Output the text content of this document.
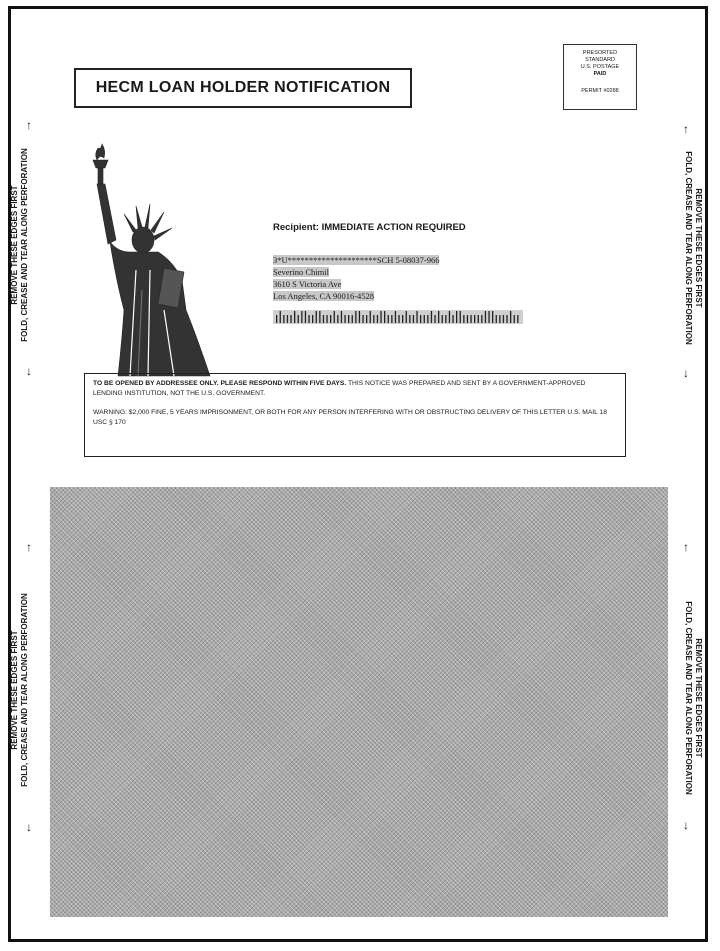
HECM LOAN HOLDER NOTIFICATION
PRESORTED
STANDARD
U.S. POSTAGE
PAID
PERMIT #0288
REMOVE THESE EDGES FIRST FOLD, CREASE AND TEAR ALONG PERFORATION
↑
↓
REMOVE THESE EDGES FIRST FOLD, CREASE AND TEAR ALONG PERFORATION
↑
↓
REMOVE THESE EDGES FIRST
FOLD, CREASE AND TEAR ALONG PERFORATION
↑
↓
REMOVE THESE EDGES FIRST
FOLD, CREASE AND TEAR ALONG PERFORATION
↑
↓
Recipient: IMMEDIATE ACTION REQUIRED
3*U*********************SCH 5-08037-966
Severino Chimil
3610 S Victoria Ave
Los Angeles, CA 90016-4528

TO BE OPENED BY ADDRESSEE ONLY. PLEASE RESPOND WITHIN FIVE DAYS. THIS NOTICE WAS PREPARED AND SENT BY A GOVERNMENT-APPROVED LENDING INSTITUTION, NOT THE U.S. GOVERNMENT.

WARNING: $2,000 FINE, 5 YEARS IMPRISONMENT, OR BOTH FOR ANY PERSON INTERFERING WITH OR OBSTRUCTING DELIVERY OF THIS LETTER U.S. MAIL 18 USC § 170
